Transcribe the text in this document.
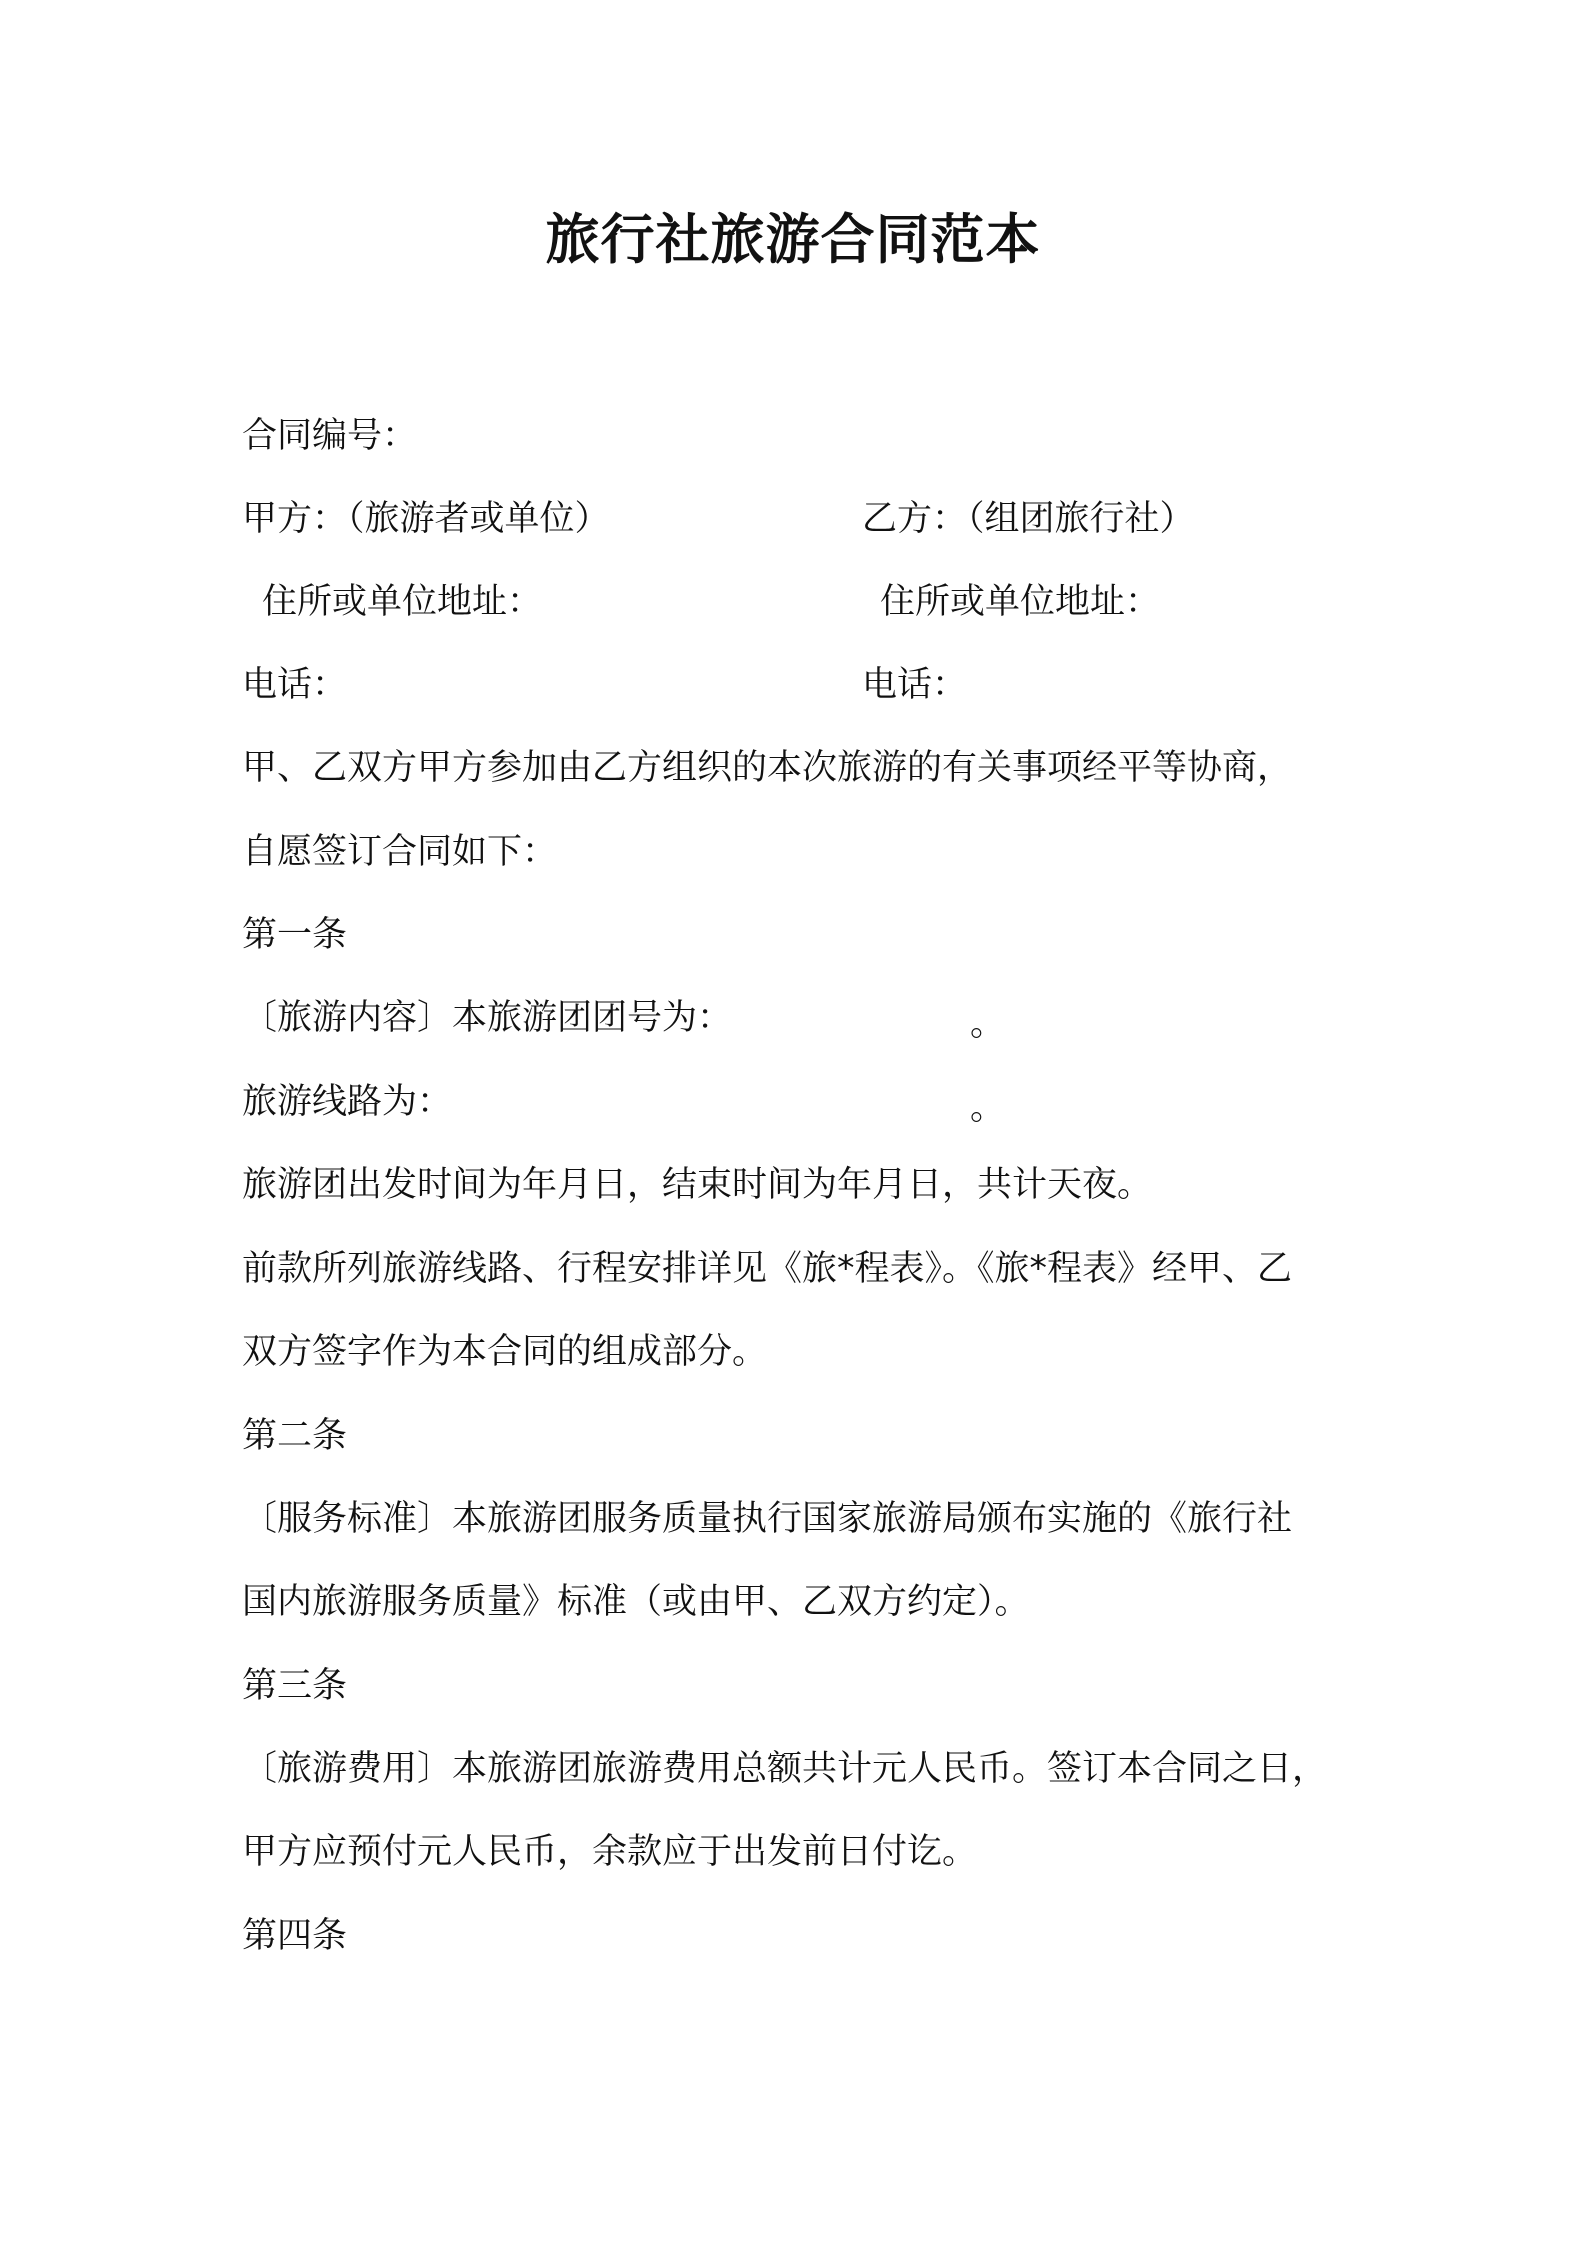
旅行社旅游合同范本
合同编号：
甲方：（旅游者或单位）	乙方：（组团旅行社）
住所或单位地址：	住所或单位地址：
电话：	电话：
甲、乙双方甲方参加由乙方组织的本次旅游的有关事项经平等协商，
自愿签订合同如下：
第一条
〔旅游内容〕本旅游团团号为：	。
旅游线路为：	。
旅游团出发时间为年月日，结束时间为年月日，共计天夜。
前款所列旅游线路、行程安排详见《旅*程表》。《旅*程表》经甲、乙
双方签字作为本合同的组成部分。
第二条
〔服务标准〕本旅游团服务质量执行国家旅游局颁布实施的《旅行社
国内旅游服务质量》标准（或由甲、乙双方约定）。
第三条
〔旅游费用〕本旅游团旅游费用总额共计元人民币。签订本合同之日，
甲方应预付元人民币，余款应于出发前日付讫。
第四条
